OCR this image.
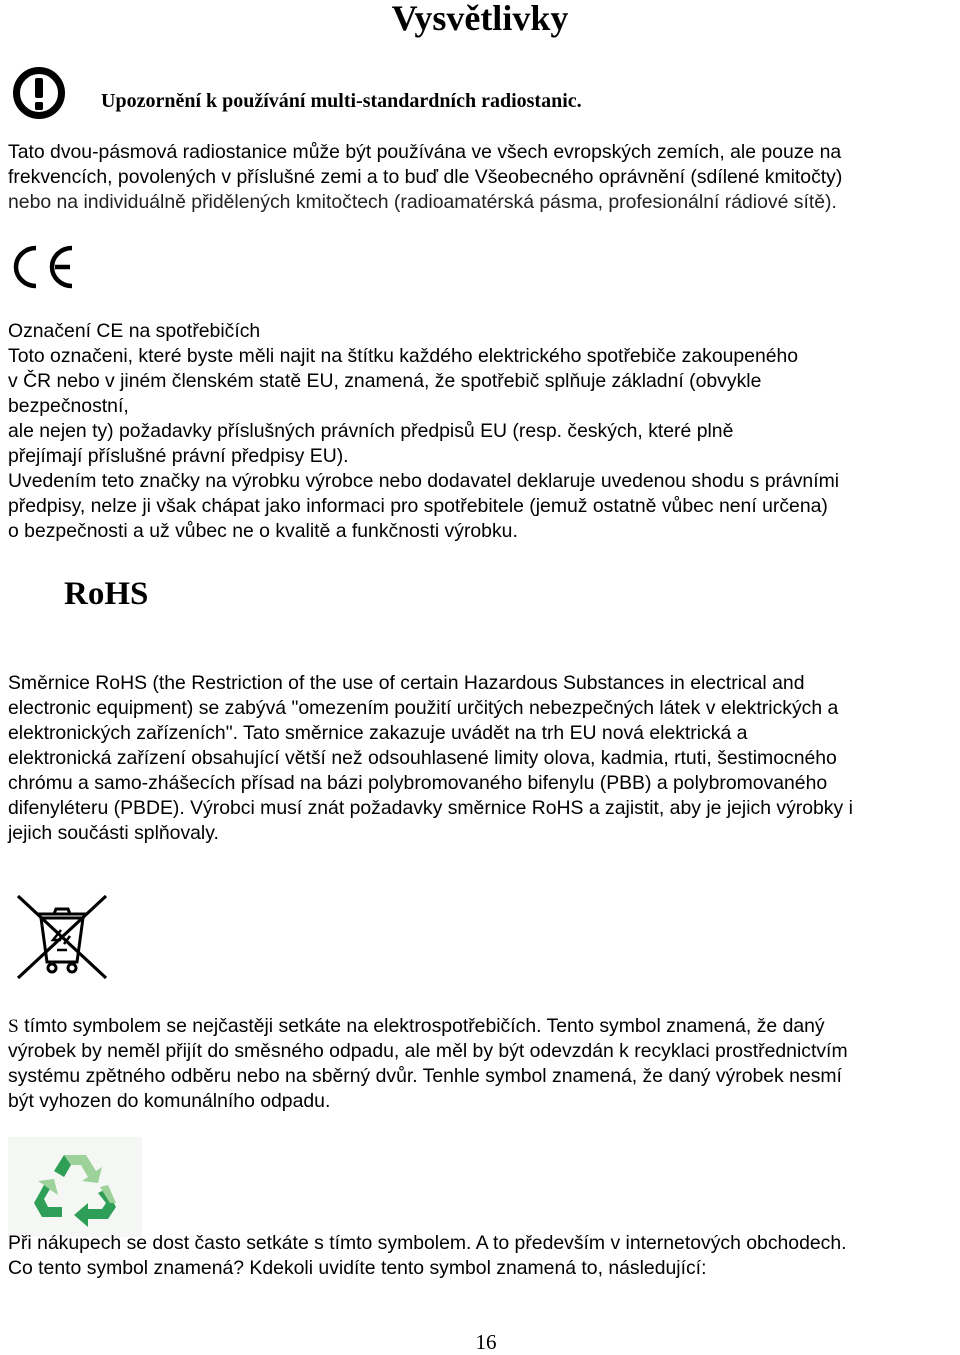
Vysvětlivky
Upozornění k používání multi-standardních radiostanic.
Tato dvou-pásmová radiostanice může být používána ve všech evropských zemích, ale pouze na
frekvencích, povolených v příslušné zemi a to buď dle Všeobecného oprávnění (sdílené kmitočty)
nebo na individuálně přidělených kmitočtech (radioamatérská pásma, profesionální rádiové sítě).
Označení CE na spotřebičích
Toto označeni, které byste měli najit na štítku každého elektrického spotřebiče zakoupeného
v ČR nebo v jiném členském statě EU, znamená, že spotřebič splňuje základní (obvykle
bezpečnostní,
ale nejen ty) požadavky příslušných právních předpisů EU (resp. českých, které plně
přejímají příslušné právní předpisy EU).
Uvedením teto značky na výrobku výrobce nebo dodavatel deklaruje uvedenou shodu s právními
předpisy, nelze ji však chápat jako informaci pro spotřebitele (jemuž ostatně vůbec není určena)
o bezpečnosti a už vůbec ne o kvalitě a funkčnosti výrobku.
RoHS
Směrnice RoHS (the Restriction of the use of certain Hazardous Substances in electrical and
electronic equipment) se zabývá "omezením použití určitých nebezpečných látek v elektrických a
elektronických zařízeních". Tato směrnice zakazuje uvádět na trh EU nová elektrická a
elektronická zařízení obsahující větší než odsouhlasené limity olova, kadmia, rtuti, šestimocného
chrómu a samo-zhášecích přísad na bázi polybromovaného bifenylu (PBB) a polybromovaného
difenyléteru (PBDE). Výrobci musí znát požadavky směrnice RoHS a zajistit, aby je jejich výrobky i
jejich součásti splňovaly.
S tímto symbolem se nejčastěji setkáte na elektrospotřebičích. Tento symbol znamená, že daný
výrobek by neměl přijít do směsného odpadu, ale měl by být odevzdán k recyklaci prostřednictvím
systému zpětného odběru nebo na sběrný dvůr. Tenhle symbol znamená, že daný výrobek nesmí
být vyhozen do komunálního odpadu.
Při nákupech se dost často setkáte s tímto symbolem. A to především v internetových obchodech.
Co tento symbol znamená? Kdekoli uvidíte tento symbol znamená to, následující:
16
